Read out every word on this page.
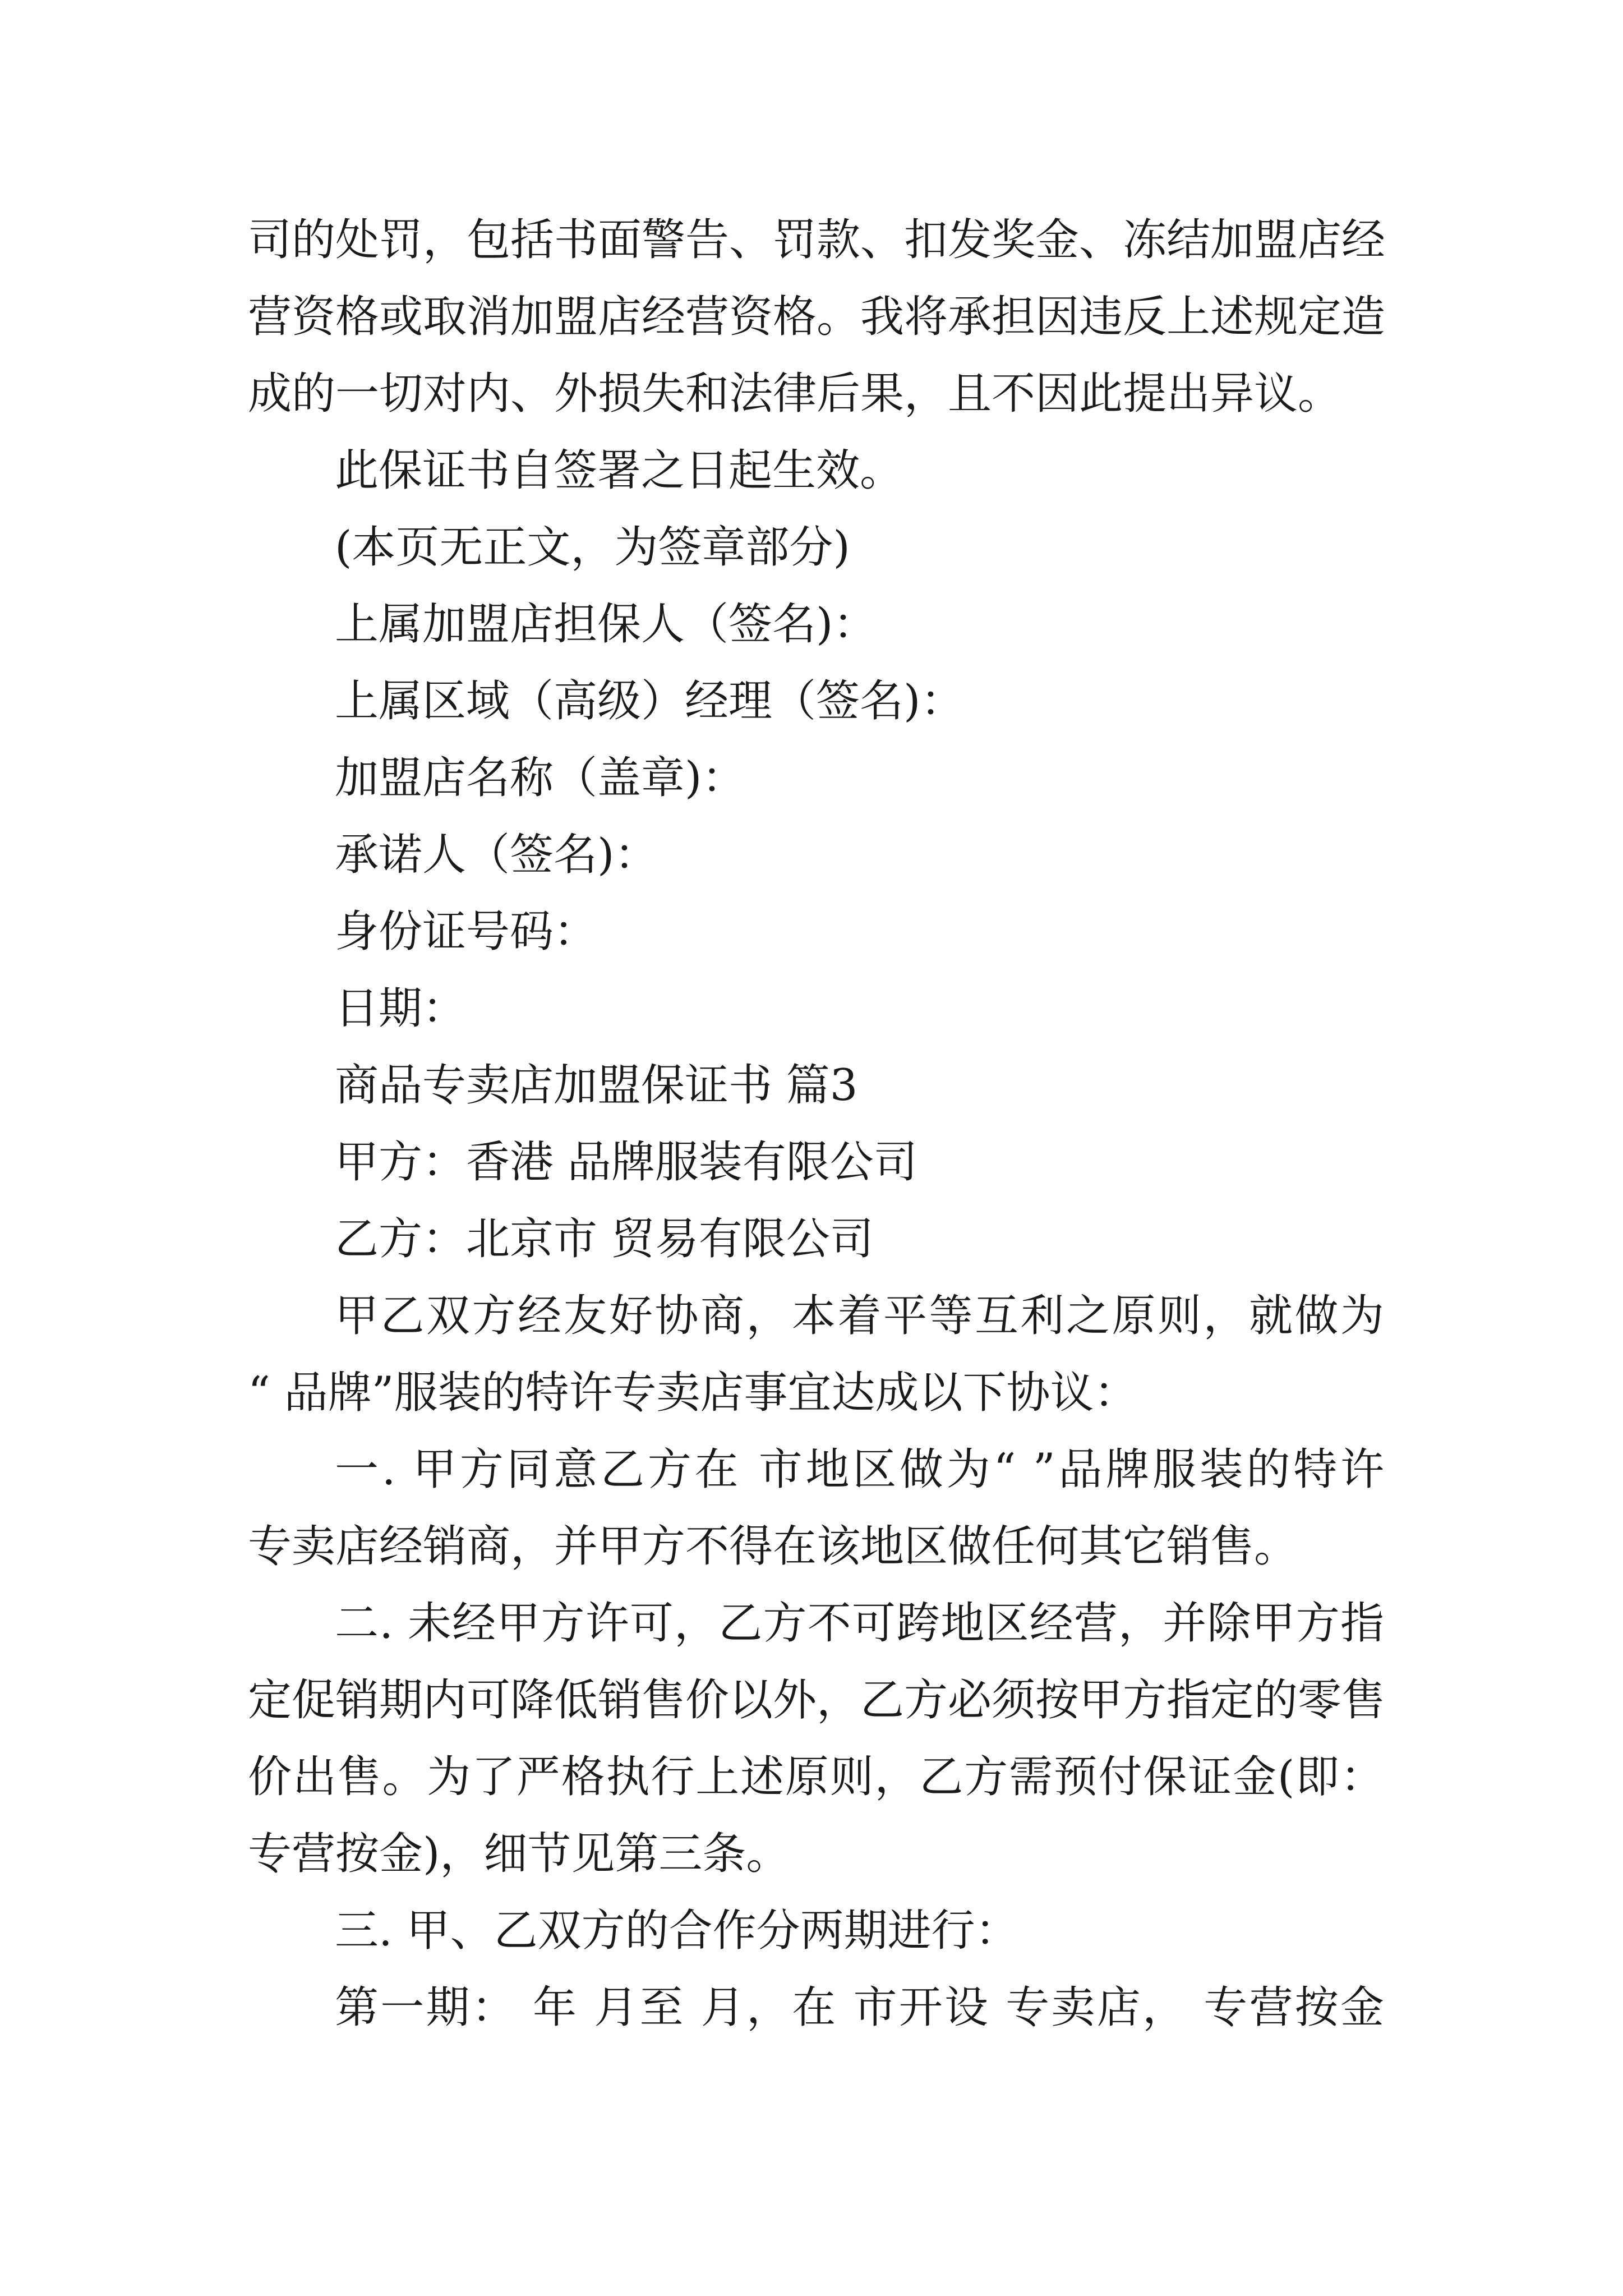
司的处罚，包括书面警告、罚款、扣发奖金、冻结加盟店经
营资格或取消加盟店经营资格。我将承担因违反上述规定造
成的一切对内、外损失和法律后果，且不因此提出异议。
此保证书自签署之日起生效。
(本页无正文，为签章部分)
上属加盟店担保人（签名)：
上属区域（高级）经理（签名)：
加盟店名称（盖章)：
承诺人（签名)：
身份证号码：
日期：
商品专卖店加盟保证书 篇3
甲方：香港 品牌服装有限公司
乙方：北京市 贸易有限公司
甲乙双方经友好协商，本着平等互利之原则，就做为
“ 品牌”服装的特许专卖店事宜达成以下协议：
一. 甲方同意乙方在 市地区做为“ ”品牌服装的特许
专卖店经销商，并甲方不得在该地区做任何其它销售。
二. 未经甲方许可，乙方不可跨地区经营，并除甲方指
定促销期内可降低销售价以外，乙方必须按甲方指定的零售
价出售。为了严格执行上述原则，乙方需预付保证金(即：
专营按金)，细节见第三条。
三. 甲、乙双方的合作分两期进行：
第一期： 年 月至 月，在 市开设 专卖店， 专营按金
